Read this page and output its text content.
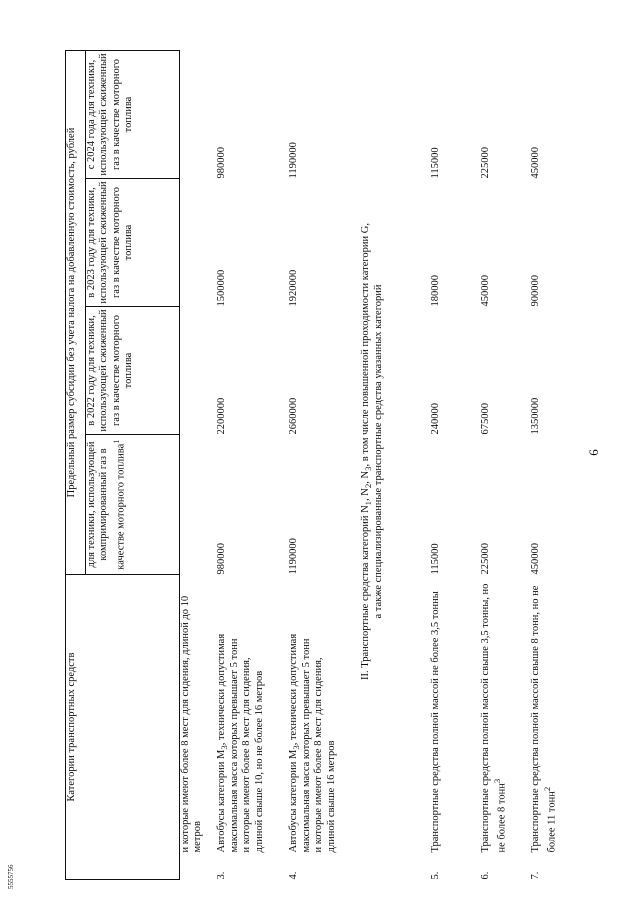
6
Категории транспортных средств		Предельный размер субсидии без учета налога на добавленную стоимость, рублей			
		для техники, использующей компримированный газ в качестве моторного топлива$^1$	в 2022 году для техники, использующей сжиженный газ в качестве моторного топлива	в 2023 году для техники, использующей сжиженный газ в качестве моторного топлива	с 2024 года для техники, использующей сжиженный газ в качестве моторного топлива
	и которые имеют более 8 мест для сидения, длиной до 10 метров				
3.	Автобусы категории $M_3$, технически допустимая максимальная масса которых превышает 5 тонн
и которые имеют более 8 мест для сидения,
длиной свыше 10, но не более 16 метров	980000	2200000	1500000	980000
4.	Автобусы категории $M_3$, технически допустимая максимальная масса которых превышает 5 тонн
и которые имеют более 8 мест для сидения,
длиной свыше 16 метров	1190000	2660000	1920000	1190000
	II. Транспортные средства категорий $N_1$, $N_2$, $N_3$, в том числе повышенной проходимости категории G, а также специализированные транспортные средства указанных категорий				
5.	Транспортные средства полной массой не более 3,5 тонны	115000	240000	180000	115000
6.	Транспортные средства полной массой свыше 3,5 тонны, но не более 8 тонн$^3$	225000	675000	450000	225000
7.	Транспортные средства полной массой свыше 8 тонн, но не более 11 тонн$^2$	450000	1350000	900000	450000
5555756
